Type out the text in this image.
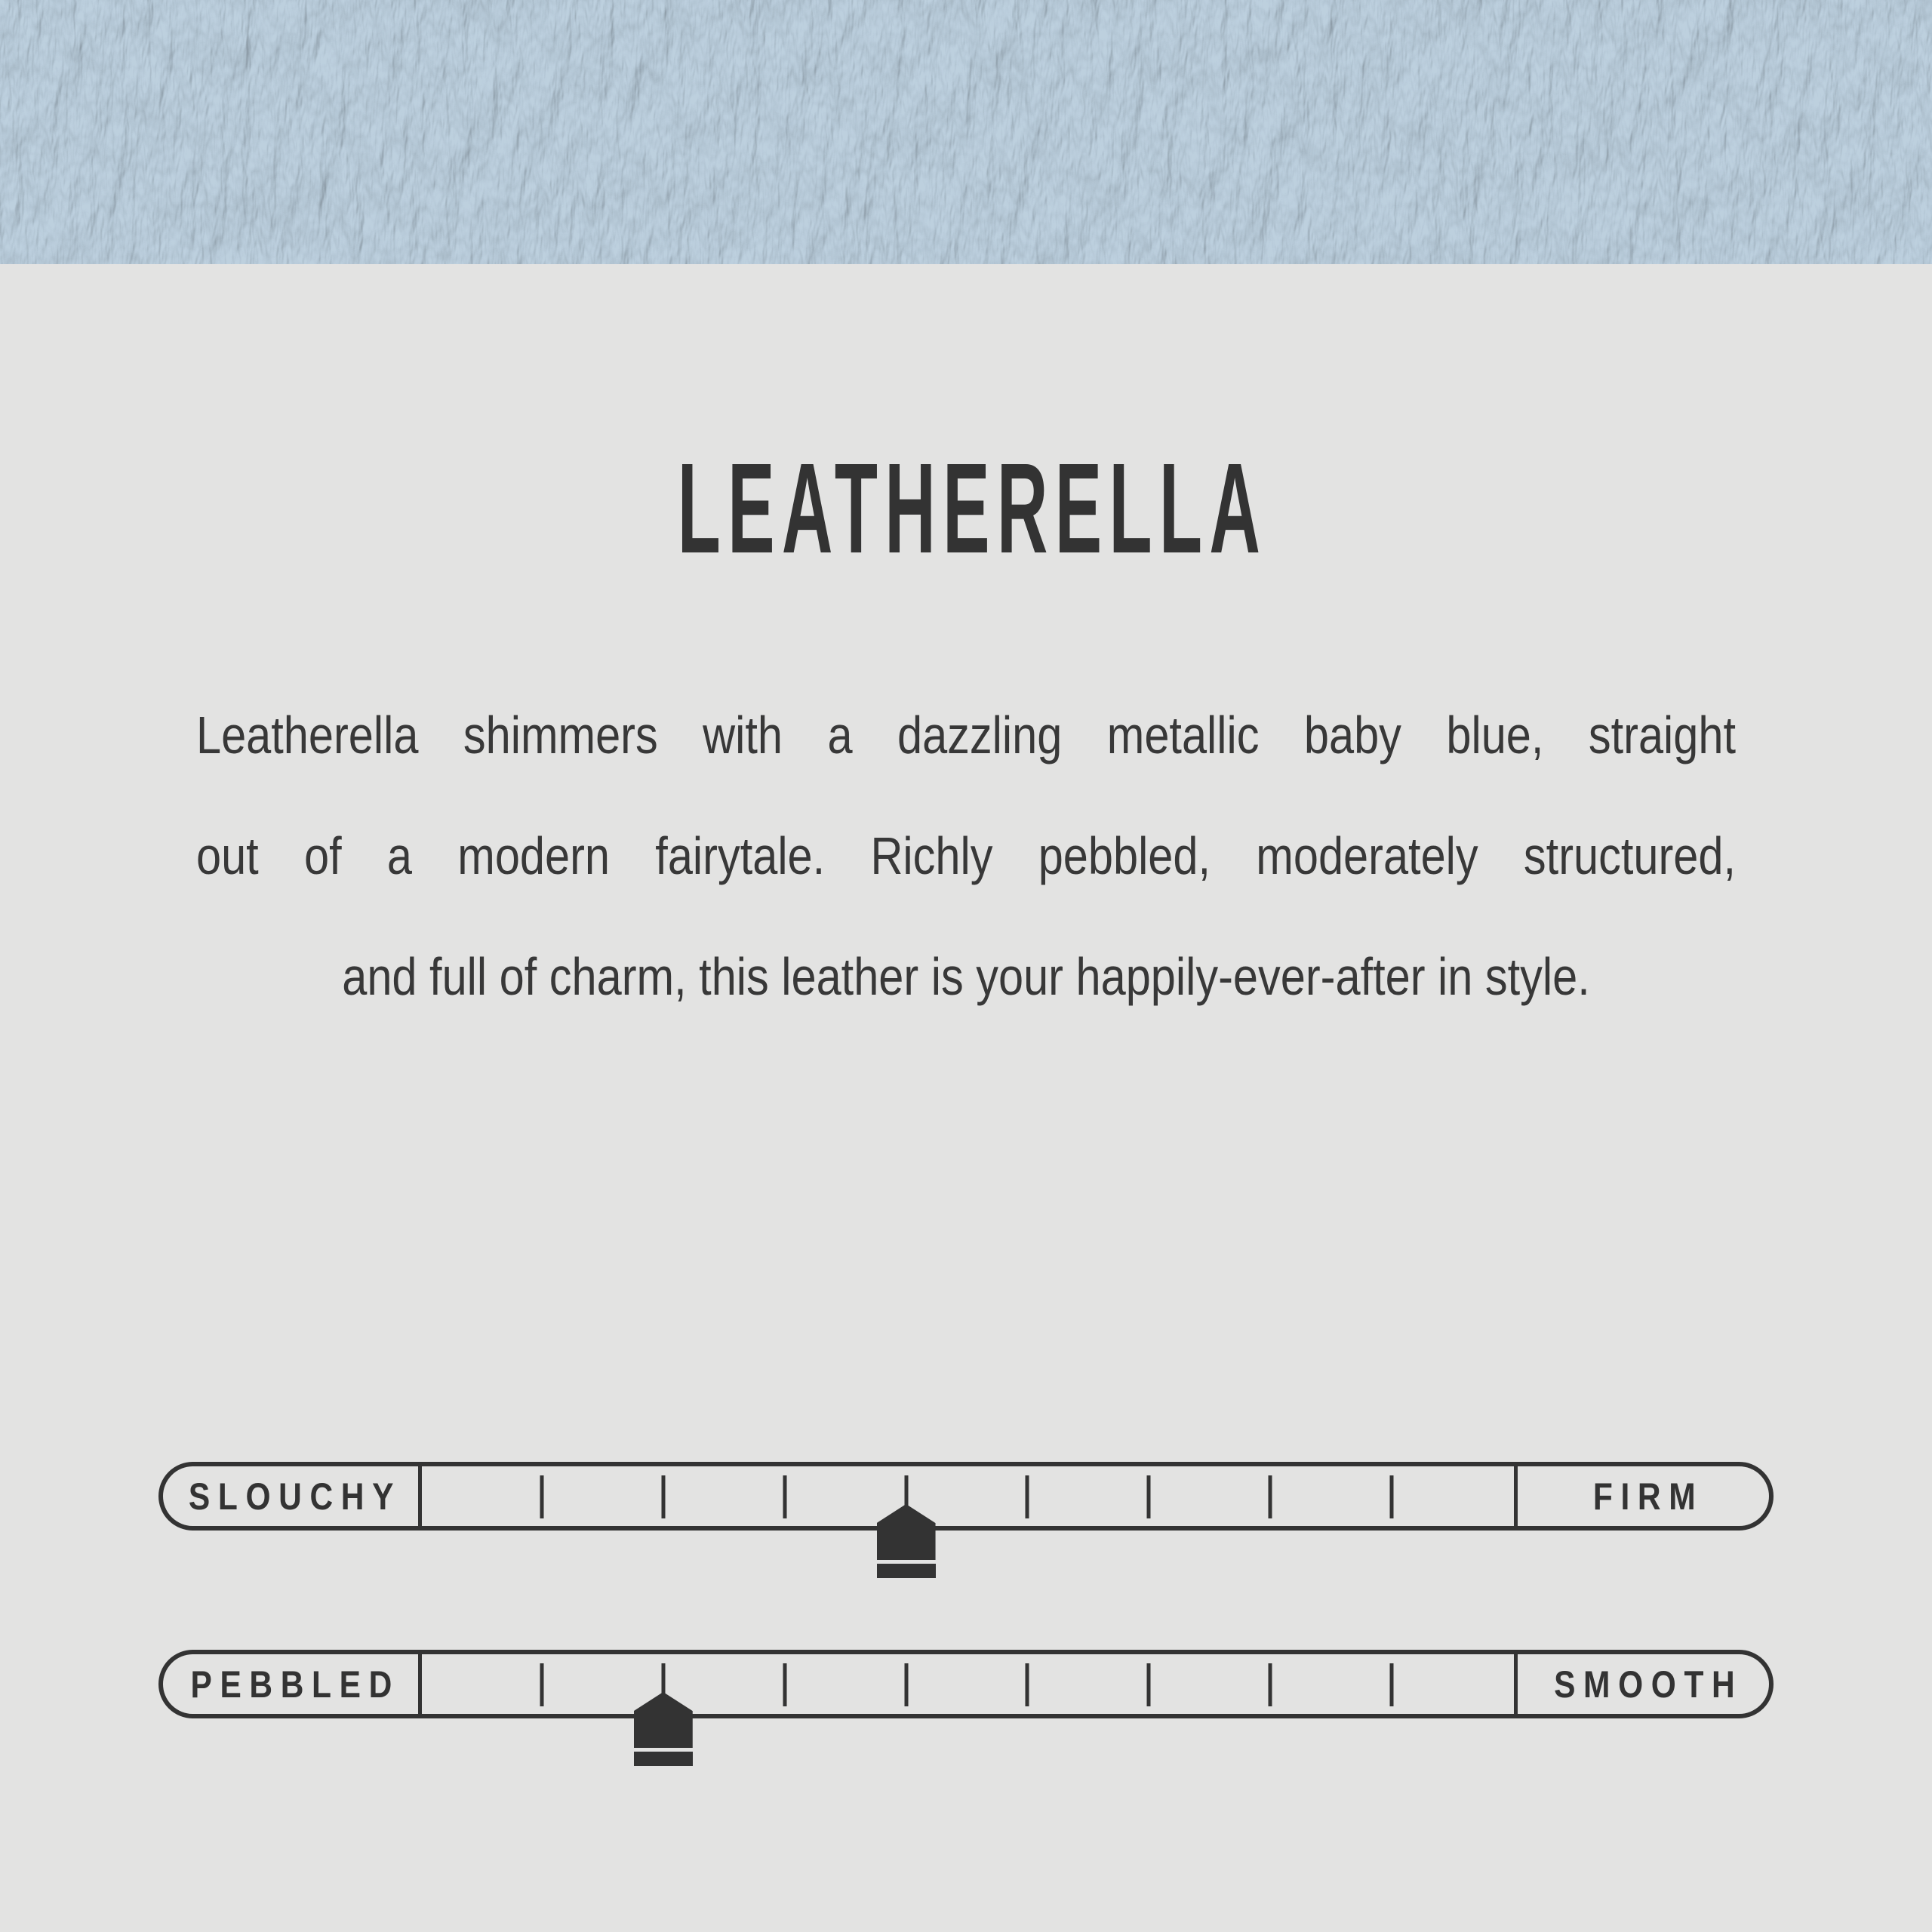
LEATHERELLA
Leatherella shimmers with a dazzling metallic baby blue, straight
out of a modern fairytale. Richly pebbled, moderately structured,
and full of charm, this leather is your happily-ever-after in style.
SLOUCHY	FIRM
PEBBLED	SMOOTH
